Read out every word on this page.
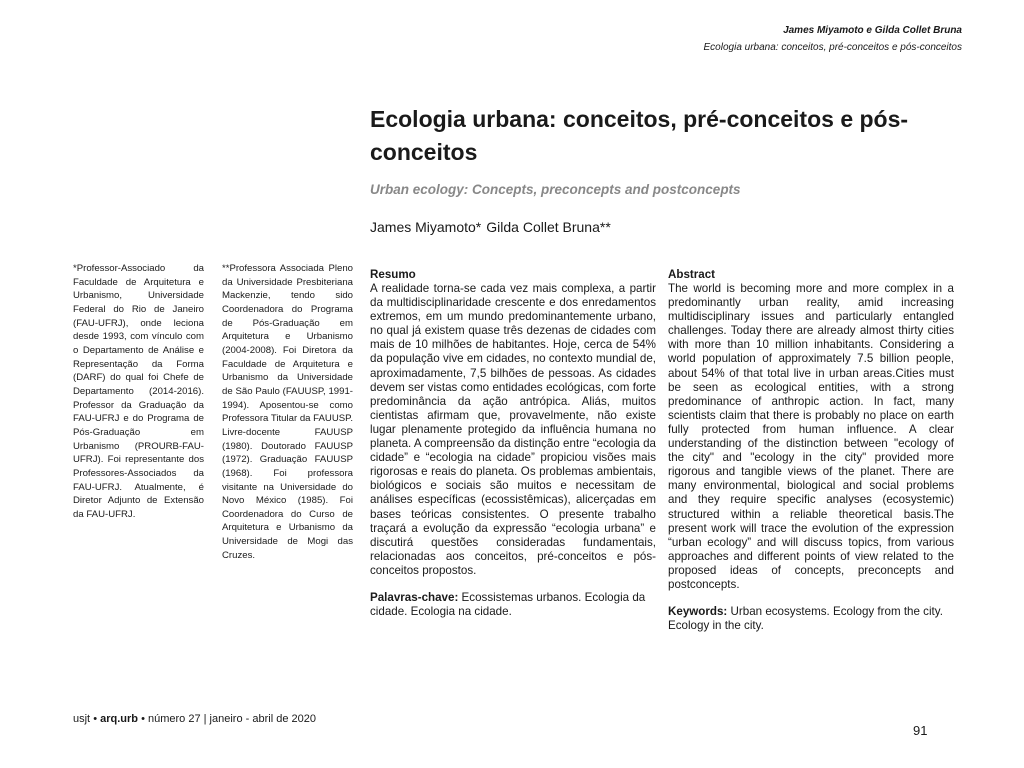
James Miyamoto e Gilda Collet Bruna
Ecologia urbana: conceitos, pré-conceitos e pós-conceitos
Ecologia urbana: conceitos, pré-conceitos e pós-conceitos
Urban ecology: Concepts, preconcepts and postconcepts
James Miyamoto* Gilda Collet Bruna**
*Professor-Associado da Faculdade de Arquitetura e Urbanismo, Universidade Federal do Rio de Janeiro (FAU-UFRJ), onde leciona desde 1993, com vínculo com o Departamento de Análise e Representação da Forma (DARF) do qual foi Chefe de Departamento (2014-2016). Professor da Graduação da FAU-UFRJ e do Programa de Pós-Graduação em Urbanismo (PROURB-FAU-UFRJ). Foi representante dos Professores-Associados da FAU-UFRJ. Atualmente, é Diretor Adjunto de Extensão da FAU-UFRJ.
**Professora Associada Pleno da Universidade Presbiteriana Mackenzie, tendo sido Coordenadora do Programa de Pós-Graduação em Arquitetura e Urbanismo (2004-2008). Foi Diretora da Faculdade de Arquitetura e Urbanismo da Universidade de São Paulo (FAUUSP, 1991-1994). Aposentou-se como Professora Titular da FAUUSP. Livre-docente FAUUSP (1980). Doutorado FAUUSP (1972). Graduação FAUUSP (1968). Foi professora visitante na Universidade do Novo México (1985). Foi Coordenadora do Curso de Arquitetura e Urbanismo da Universidade de Mogi das Cruzes.
Resumo

A realidade torna-se cada vez mais complexa, a partir da multidisciplinaridade crescente e dos enredamentos extremos, em um mundo predominantemente urbano, no qual já existem quase três dezenas de cidades com mais de 10 milhões de habitantes. Hoje, cerca de 54% da população vive em cidades, no contexto mundial de, aproximadamente, 7,5 bilhões de pessoas. As cidades devem ser vistas como entidades ecológicas, com forte predominância da ação antrópica. Aliás, muitos cientistas afirmam que, provavelmente, não existe lugar plenamente protegido da influência humana no planeta. A compreensão da distinção entre “ecologia da cidade” e “ecologia na cidade” propiciou visões mais rigorosas e reais do planeta. Os problemas ambientais, biológicos e sociais são muitos e necessitam de análises específicas (ecossistêmicas), alicerçadas em bases teóricas consistentes. O presente trabalho traçará a evolução da expressão “ecologia urbana” e discutirá questões consideradas fundamentais, relacionadas aos conceitos, pré-conceitos e pós-conceitos propostos.

Palavras-chave: Ecossistemas urbanos. Ecologia da cidade. Ecologia na cidade.

Abstract

The world is becoming more and more complex in a predominantly urban reality, amid increasing multidisciplinary issues and particularly entangled challenges. Today there are already almost thirty cities with more than 10 million inhabitants. Considering a world population of approximately 7.5 billion people, about 54% of that total live in urban areas.Cities must be seen as ecological entities, with a strong predominance of anthropic action. In fact, many scientists claim that there is probably no place on earth fully protected from human influence. A clear understanding of the distinction between "ecology of the city" and "ecology in the city" provided more rigorous and tangible views of the planet. There are many environmental, biological and social problems and they require specific analyses (ecosystemic) structured within a reliable theoretical basis.The present work will trace the evolution of the expression “urban ecology” and will discuss topics, from various approaches and different points of view related to the proposed ideas of concepts, preconcepts and postconcepts.

Keywords: Urban ecosystems. Ecology from the city. Ecology in the city.

usjt • arq.urb • número 27 | janeiro - abril de 2020
91
